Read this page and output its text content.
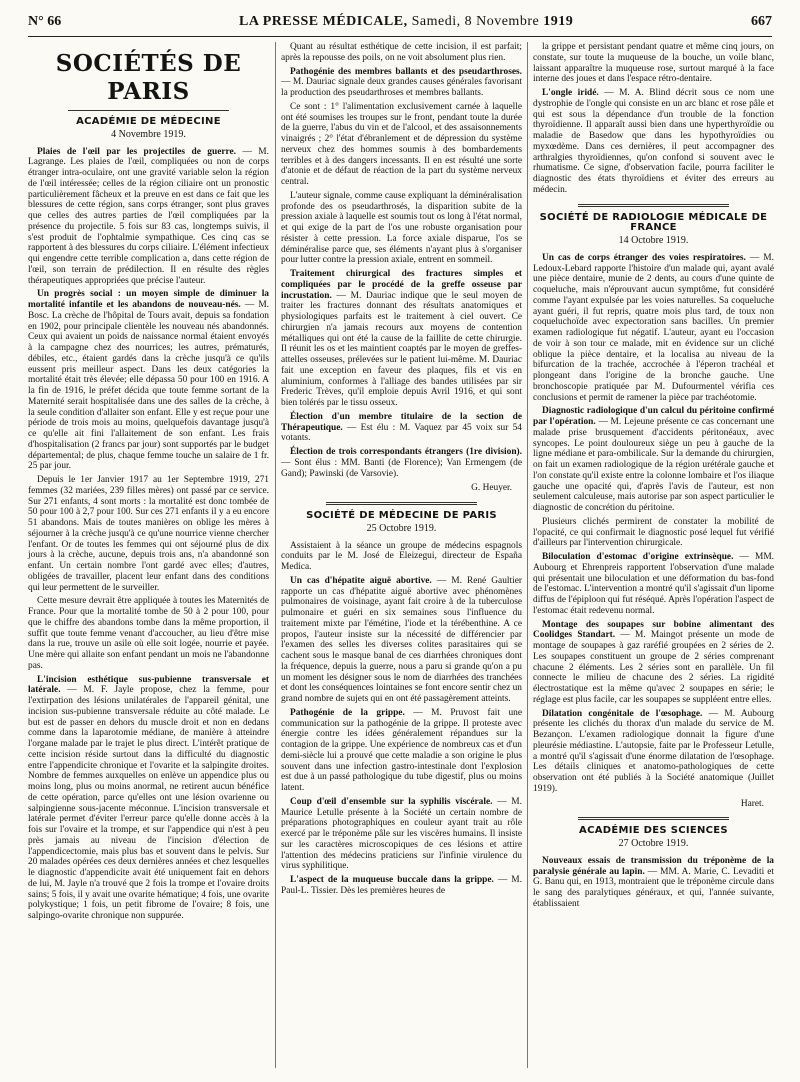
N° 66	LA PRESSE MÉDICALE, Samedi, 8 Novembre 1919	667
SOCIÉTÉS DE PARIS
ACADÉMIE DE MÉDECINE
4 Novembre 1919.

Plaies de l'œil par les projectiles de guerre. — M. Lagrange. Les plaies de l'œil, compliquées ou non de corps étranger intra-oculaire, ont une gravité variable selon la région de l'œil intéressée; celles de la région ciliaire ont un pronostic particulièrement fâcheux et la preuve en est dans ce fait que les blessures de cette région, sans corps étranger, sont plus graves que celles des autres parties de l'œil compliquées par la présence du projectile. 5 fois sur 83 cas, longtemps suivis, il s'est produit de l'ophtalmie sympathique. Ces cinq cas se rapportent à des blessures du corps ciliaire. L'élément infectieux qui engendre cette terrible complication a, dans cette région de l'œil, son terrain de prédilection. Il en résulte des règles thérapeutiques appropriées que précise l'auteur.

Un progrès social : un moyen simple de diminuer la mortalité infantile et les abandons de nouveau-nés. — M. Bosc. La crèche de l'hôpital de Tours avait, depuis sa fondation en 1902, pour principale clientèle les nouveau nés abandonnés. Ceux qui avaient un poids de naissance normal étaient envoyés à la campagne chez des nourrices; les autres, prématurés, débiles, etc., étaient gardés dans la crèche jusqu'à ce qu'ils eussent pris meilleur aspect. Dans les deux catégories la mortalité était très élevée; elle dépassa 50 pour 100 en 1916. A la fin de 1916, le préfet décida que toute femme sortant de la Maternité serait hospitalisée dans une des salles de la crèche, à la seule condition d'allaiter son enfant. Elle y est reçue pour une période de trois mois au moins, quelquefois davantage jusqu'à ce qu'elle ait fini l'allaitement de son enfant. Les frais d'hospitalisation (2 francs par jour) sont supportés par le budget départemental; de plus, chaque femme touche un salaire de 1 fr. 25 par jour.

Depuis le 1er Janvier 1917 au 1er Septembre 1919, 271 femmes (32 mariées, 239 filles mères) ont passé par ce service. Sur 271 enfants, 4 sont morts : la mortalité est donc tombée de 50 pour 100 à 2,7 pour 100. Sur ces 271 enfants il y a eu encore 51 abandons. Mais de toutes manières on oblige les mères à séjourner à la crèche jusqu'à ce qu'une nourrice vienne chercher l'enfant. Or de toutes les femmes qui ont séjourné plus de dix jours à la crèche, aucune, depuis trois ans, n'a abandonné son enfant. Un certain nombre l'ont gardé avec elles; d'autres, obligées de travailler, placent leur enfant dans des conditions qui leur permettent de le surveiller.

Cette mesure devrait être appliquée à toutes les Maternités de France. Pour que la mortalité tombe de 50 à 2 pour 100, pour que le chiffre des abandons tombe dans la même proportion, il suffit que toute femme venant d'accoucher, au lieu d'être mise dans la rue, trouve un asile où elle soit logée, nourrie et payée. Une mère qui allaite son enfant pendant un mois ne l'abandonne pas.

L'incision esthétique sus-pubienne transversale et latérale. — M. F. Jayle propose, chez la femme, pour l'extirpation des lésions unilatérales de l'appareil génital, une incision sus-pubienne transversale réduite au côté malade. Le but est de passer en dehors du muscle droit et non en dedans comme dans la laparotomie médiane, de manière à atteindre l'organe malade par le trajet le plus direct. L'intérêt pratique de cette incision réside surtout dans la difficulté du diagnostic entre l'appendicite chronique et l'ovarite et la salpingite droites. Nombre de femmes auxquelles on enlève un appendice plus ou moins long, plus ou moins anormal, ne retirent aucun bénéfice de cette opération, parce qu'elles ont une lésion ovarienne ou salpingienne sous-jacente méconnue. L'incision transversale et latérale permet d'éviter l'erreur parce qu'elle donne accès à la fois sur l'ovaire et la trompe, et sur l'appendice qui n'est à peu près jamais au niveau de l'incision d'élection de l'appendicectomie, mais plus bas et souvent dans le pelvis. Sur 20 malades opérées ces deux dernières années et chez lesquelles le diagnostic d'appendicite avait été uniquement fait en dehors de lui, M. Jayle n'a trouvé que 2 fois la trompe et l'ovaire droits sains; 5 fois, il y avait une ovarite hématique; 4 fois, une ovarite polykystique; 1 fois, un petit fibrome de l'ovaire; 8 fois, une salpingo-ovarite chronique non suppurée.

Quant au résultat esthétique de cette incision, il est parfait; après la repousse des poils, on ne voit absolument plus rien.

Pathogénie des membres ballants et des pseudarthroses. — M. Dauriac signale deux grandes causes générales favorisant la production des pseudarthroses et membres ballants.

Ce sont : 1° l'alimentation exclusivement carnée à laquelle ont été soumises les troupes sur le front, pendant toute la durée de la guerre, l'abus du vin et de l'alcool, et des assaisonnements vinaigrés ; 2° l'état d'ébranlement et de dépression du système nerveux chez des hommes soumis à des bombardements terribles et à des dangers incessants. Il en est résulté une sorte d'atonie et de défaut de réaction de la part du système nerveux central.

L'auteur signale, comme cause expliquant la déminéralisation profonde des os pseudarthrosés, la disparition subite de la pression axiale à laquelle est soumis tout os long à l'état normal, et qui exige de la part de l'os une robuste organisation pour résister à cette pression. La force axiale disparue, l'os se déminéralise parce que, ses éléments n'ayant plus à s'organiser pour lutter contre la pression axiale, entrent en sommeil.

Traitement chirurgical des fractures simples et compliquées par le procédé de la greffe osseuse par incrustation. — M. Dauriac indique que le seul moyen de traiter les fractures donnant des résultats anatomiques et physiologiques parfaits est le traitement à ciel ouvert. Ce chirurgien n'a jamais recours aux moyens de contention métalliques qui ont été la cause de la faillite de cette chirurgie. Il réunit les os et les maintient coaptés par le moyen de greffes-attelles osseuses, prélevées sur le patient lui-même. M. Dauriac fait une exception en faveur des plaques, fils et vis en aluminium, conformes à l'alliage des bandes utilisées par sir Frederic Trèves, qu'il emploie depuis Avril 1916, et qui sont bien tolérés par le tissu osseux.

Élection d'un membre titulaire de la section de Thérapeutique. — Est élu : M. Vaquez par 45 voix sur 54 votants.

Élection de trois correspondants étrangers (1re division). — Sont élus : MM. Banti (de Florence); Van Ermengem (de Gand); Pawinski (de Varsovie).

G. Heuyer.
SOCIÉTÉ DE MÉDECINE DE PARIS
25 Octobre 1919.

Assistaient à la séance un groupe de médecins espagnols conduits par le M. José de Eleizegui, directeur de España Medica.

Un cas d'hépatite aiguë abortive. — M. René Gaultier rapporte un cas d'hépatite aiguë abortive avec phénomènes pulmonaires de voisinage, ayant fait croire à de la tuberculose pulmonaire et guéri en six semaines sous l'influence du traitement mixte par l'émétine, l'iode et la térébenthine. A ce propos, l'auteur insiste sur la nécessité de différencier par l'examen des selles les diverses colites parasitaires qui se cachent sous le masque banal de ces diarrhées chroniques dont la fréquence, depuis la guerre, nous a paru si grande qu'on a pu un moment les désigner sous le nom de diarrhées des tranchées et dont les conséquences lointaines se font encore sentir chez un grand nombre de sujets qui en ont été passagèrement atteints.

Pathogénie de la grippe. — M. Pruvost fait une communication sur la pathogénie de la grippe. Il proteste avec énergie contre les idées généralement répandues sur la contagion de la grippe. Une expérience de nombreux cas et d'un demi-siècle lui a prouvé que cette maladie a son origine le plus souvent dans une infection gastro-intestinale dont l'explosion est due à un passé pathologique du tube digestif, plus ou moins latent.

Coup d'œil d'ensemble sur la syphilis viscérale. — M. Maurice Letulle présente à la Société un certain nombre de préparations photographiques en couleur ayant trait au rôle exercé par le tréponème pâle sur les viscères humains. Il insiste sur les caractères microscopiques de ces lésions et attire l'attention des médecins praticiens sur l'infinie virulence du virus syphilitique.

L'aspect de la muqueuse buccale dans la grippe. — M. Paul-L. Tissier. Dès les premières heures de

la grippe et persistant pendant quatre et même cinq jours, on constate, sur toute la muqueuse de la bouche, un voile blanc, laissant apparaître la muqueuse rose, surtout marqué à la face interne des joues et dans l'espace rétro-dentaire.

L'ongle iridé. — M. A. Blind décrit sous ce nom une dystrophie de l'ongle qui consiste en un arc blanc et rose pâle et qui est sous la dépendance d'un trouble de la fonction thyroïdienne. Il apparaît aussi bien dans une hyperthyroïdie ou maladie de Basedow que dans les hypothyroïdies ou myxœdème. Dans ces dernières, il peut accompagner des arthralgies thyroïdiennes, qu'on confond si souvent avec le rhumatisme. Ce signe, d'observation facile, pourra faciliter le diagnostic des états thyroïdiens et éviter des erreurs au médecin.

SOCIÉTÉ DE RADIOLOGIE MÉDICALE DE FRANCE
14 Octobre 1919.

Un cas de corps étranger des voies respiratoires. — M. Ledoux-Lebard rapporte l'histoire d'un malade qui, ayant avalé une pièce dentaire, munie de 2 dents, au cours d'une quinte de coqueluche, mais n'éprouvant aucun symptôme, fut considéré comme l'ayant expulsée par les voies naturelles. Sa coqueluche ayant guéri, il fut repris, quatre mois plus tard, de toux non coqueluchoïde avec expectoration sans bacilles. Un premier examen radiologique fut négatif. L'auteur, ayant eu l'occasion de voir à son tour ce malade, mit en évidence sur un cliché oblique la pièce dentaire, et la localisa au niveau de la bifurcation de la trachée, accrochée à l'éperon trachéal et plongeant dans l'origine de la bronche gauche. Une bronchoscopie pratiquée par M. Dufourmentel vérifia ces conclusions et permit de ramener la pièce par trachéotomie.

Diagnostic radiologique d'un calcul du péritoine confirmé par l'opération. — M. Lejeune présente ce cas concernant une malade prise brusquement d'accidents péritonéaux, avec syncopes. Le point douloureux siège un peu à gauche de la ligne médiane et para-ombilicale. Sur la demande du chirurgien, on fait un examen radiologique de la région urétérale gauche et l'on constate qu'il existe entre la colonne lombaire et l'os iliaque gauche une opacité qui, d'après l'avis de l'auteur, est non seulement calculeuse, mais autorise par son aspect particulier le diagnostic de concrétion du péritoine.

Plusieurs clichés permirent de constater la mobilité de l'opacité, ce qui confirmait le diagnostic posé lequel fut vérifié d'ailleurs par l'intervention chirurgicale.

Biloculation d'estomac d'origine extrinsèque. — MM. Aubourg et Ehrenpreis rapportent l'observation d'une malade qui présentait une biloculation et une déformation du bas-fond de l'estomac. L'intervention a montré qu'il s'agissait d'un lipome diffus de l'épiploon qui fut réséqué. Après l'opération l'aspect de l'estomac était redevenu normal.

Montage des soupapes sur bobine alimentant des Coolidges Standart. — M. Maingot présente un mode de montage de soupapes à gaz raréfié groupées en 2 séries de 2. Les soupapes constituent un groupe de 2 séries comprenant chacune 2 éléments. Les 2 séries sont en parallèle. Un fil connecte le milieu de chacune des 2 séries. La rigidité électrostatique est la même qu'avec 2 soupapes en série; le réglage est plus facile, car les soupapes se suppléent entre elles.

Dilatation congénitale de l'œsophage. — M. Aubourg présente les clichés du thorax d'un malade du service de M. Bezançon. L'examen radiologique donnait la figure d'une pleurésie médiastine. L'autopsie, faite par le Professeur Letulle, a montré qu'il s'agissait d'une énorme dilatation de l'œsophage. Les détails cliniques et anatomo-pathologiques de cette observation ont été publiés à la Société anatomique (Juillet 1919).

Haret.
ACADÉMIE DES SCIENCES
27 Octobre 1919.

Nouveaux essais de transmission du tréponème de la paralysie générale au lapin. — MM. A. Marie, C. Levaditi et G. Banu qui, en 1913, montraient que le tréponème circule dans le sang des paralytiques généraux, et qui, l'année suivante, établissaient
